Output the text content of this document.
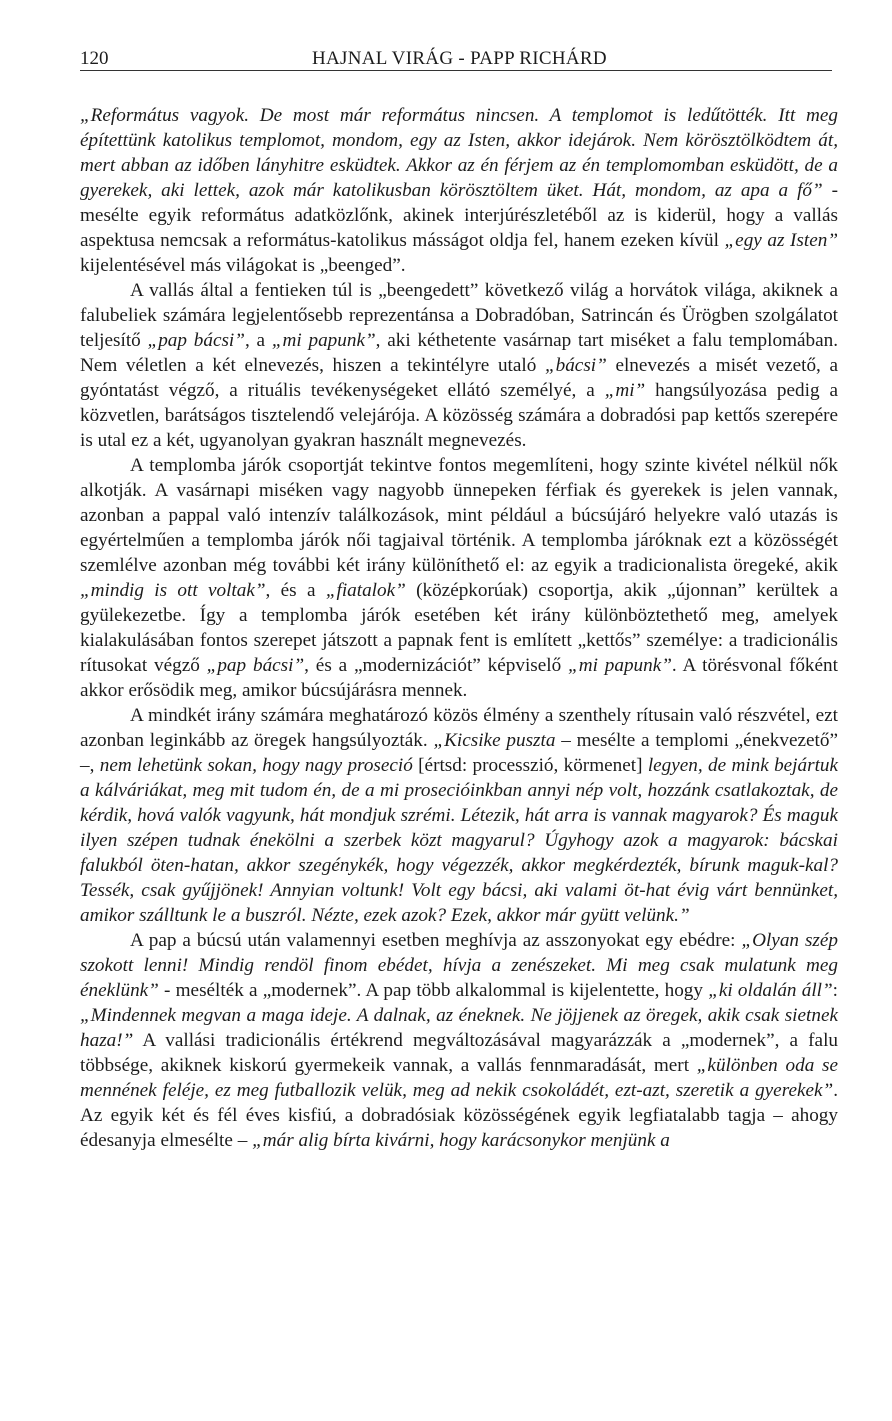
120	HAJNAL VIRÁG - PAPP RICHÁRD

„Református vagyok. De most már református nincsen. A templomot is ledűtötték. Itt meg építettünk katolikus templomot, mondom, egy az Isten, akkor idejárok. Nem körösztölködtem át, mert abban az időben lányhitre esküdtek. Akkor az én férjem az én templomomban esküdött, de a gyerekek, aki lettek, azok már katolikusban körösztöltem üket. Hát, mondom, az apa a fő” - mesélte egyik református adatközlőnk, akinek interjúrészletéből az is kiderül, hogy a vallás aspektusa nemcsak a református-katolikus másságot oldja fel, hanem ezeken kívül „egy az Isten” kijelentésével más világokat is „beenged”.

A vallás által a fentieken túl is „beengedett” következő világ a horvátok világa, akiknek a falubeliek számára legjelentősebb reprezentánsa a Dobradóban, Satrincán és Ürögben szolgálatot teljesítő „pap bácsi”, a „mi papunk”, aki kéthetente vasárnap tart miséket a falu templomában. Nem véletlen a két elnevezés, hiszen a tekintélyre utaló „bácsi” elnevezés a misét vezető, a gyóntatást végző, a rituális tevékenységeket ellátó személyé, a „mi” hangsúlyozása pedig a közvetlen, barátságos tisztelendő velejárója. A közösség számára a dobradósi pap kettős szerepére is utal ez a két, ugyanolyan gyakran használt megnevezés.

A templomba járók csoportját tekintve fontos megemlíteni, hogy szinte kivétel nélkül nők alkotják. A vasárnapi miséken vagy nagyobb ünnepeken férfiak és gyerekek is jelen vannak, azonban a pappal való intenzív találkozások, mint például a búcsújáró helyekre való utazás is egyértelműen a templomba járók női tagjaival történik. A templomba járóknak ezt a közösségét szemlélve azonban még további két irány különíthető el: az egyik a tradicionalista öregeké, akik „mindig is ott voltak”, és a „fiatalok” (középkorúak) csoportja, akik „újonnan” kerültek a gyülekezetbe. Így a templomba járók esetében két irány különböztethető meg, amelyek kialakulásában fontos szerepet játszott a papnak fent is említett „kettős” személye: a tradicionális rítusokat végző „pap bácsi”, és a „modernizációt” képviselő „mi papunk”. A törésvonal főként akkor erősödik meg, amikor búcsújárásra mennek.

A mindkét irány számára meghatározó közös élmény a szenthely rítusain való részvétel, ezt azonban leginkább az öregek hangsúlyozták. „Kicsike puszta – mesélte a templomi „énekvezető” –, nem lehetünk sokan, hogy nagy proseció [értsd: processzió, körmenet] legyen, de mink bejártuk a kálváriákat, meg mit tudom én, de a mi prosecióinkban annyi nép volt, hozzánk csatlakoztak, de kérdik, hová valók vagyunk, hát mondjuk szrémi. Létezik, hát arra is vannak magyarok? És maguk ilyen szépen tudnak énekölni a szerbek közt magyarul? Úgyhogy azok a magyarok: bácskai falukból öten-hatan, akkor szegénykék, hogy végezzék, akkor megkérdezték, bírunk maguk-kal? Tessék, csak gyűjjönek! Annyian voltunk! Volt egy bácsi, aki valami öt-hat évig várt bennünket, amikor szálltunk le a buszról. Nézte, ezek azok? Ezek, akkor már gyütt velünk.”

A pap a búcsú után valamennyi esetben meghívja az asszonyokat egy ebédre: „Olyan szép szokott lenni! Mindig rendöl finom ebédet, hívja a zenészeket. Mi meg csak mulatunk meg éneklünk” - mesélték a „modernek”. A pap több alkalommal is kijelentette, hogy „ki oldalán áll”: „Mindennek megvan a maga ideje. A dalnak, az éneknek. Ne jöjjenek az öregek, akik csak sietnek haza!” A vallási tradicionális értékrend megváltozásával magyarázzák a „modernek”, a falu többsége, akiknek kiskorú gyermekeik vannak, a vallás fennmaradását, mert „különben oda se mennének feléje, ez meg futballozik velük, meg ad nekik csokoládét, ezt-azt, szeretik a gyerekek”. Az egyik két és fél éves kisfiú, a dobradósiak közösségének egyik legfiatalabb tagja – ahogy édesanyja elmesélte – „már alig bírta kivárni, hogy karácsonykor menjünk a
